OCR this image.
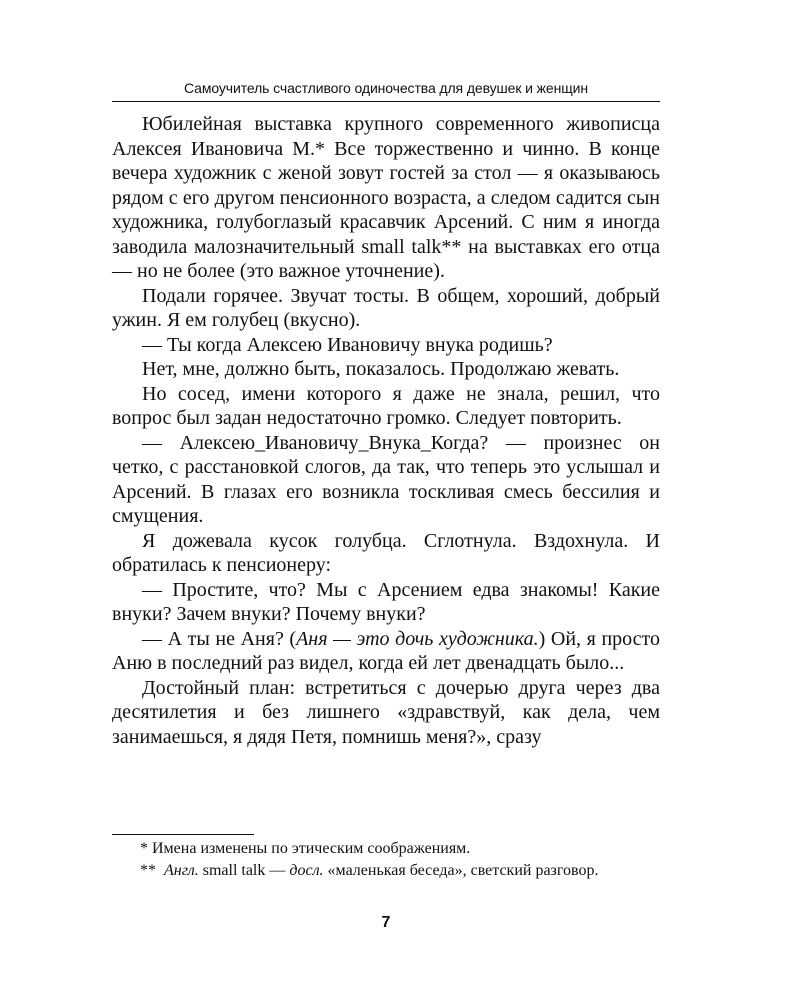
Самоучитель счастливого одиночества для девушек и женщин

Юбилейная выставка крупного современного живописца Алексея Ивановича М.* Все торжественно и чинно. В конце вечера художник с женой зовут гостей за стол — я оказываюсь рядом с его другом пенсионного возраста, а следом садится сын художника, голубоглазый красавчик Арсений. С ним я иногда заводила малозначительный small talk** на выставках его отца — но не более (это важное уточнение).

Подали горячее. Звучат тосты. В общем, хороший, добрый ужин. Я ем голубец (вкусно).

— Ты когда Алексею Ивановичу внука родишь?

Нет, мне, должно быть, показалось. Продолжаю жевать.

Но сосед, имени которого я даже не знала, решил, что вопрос был задан недостаточно громко. Следует повторить.

— Алексею_Ивановичу_Внука_Когда? — произнес он четко, с расстановкой слогов, да так, что теперь это услышал и Арсений. В глазах его возникла тоскливая смесь бессилия и смущения.

Я дожевала кусок голубца. Сглотнула. Вздохнула. И обратилась к пенсионеру:

— Простите, что? Мы с Арсением едва знакомы! Какие внуки? Зачем внуки? Почему внуки?

— А ты не Аня? (Аня — это дочь художника.) Ой, я просто Аню в последний раз видел, когда ей лет двенадцать было...

Достойный план: встретиться с дочерью друга через два десятилетия и без лишнего «здравствуй, как дела, чем занимаешься, я дядя Петя, помнишь меня?», сразу

* Имена изменены по этическим соображениям.

** Англ. small talk — досл. «маленькая беседа», светский разговор.

7
